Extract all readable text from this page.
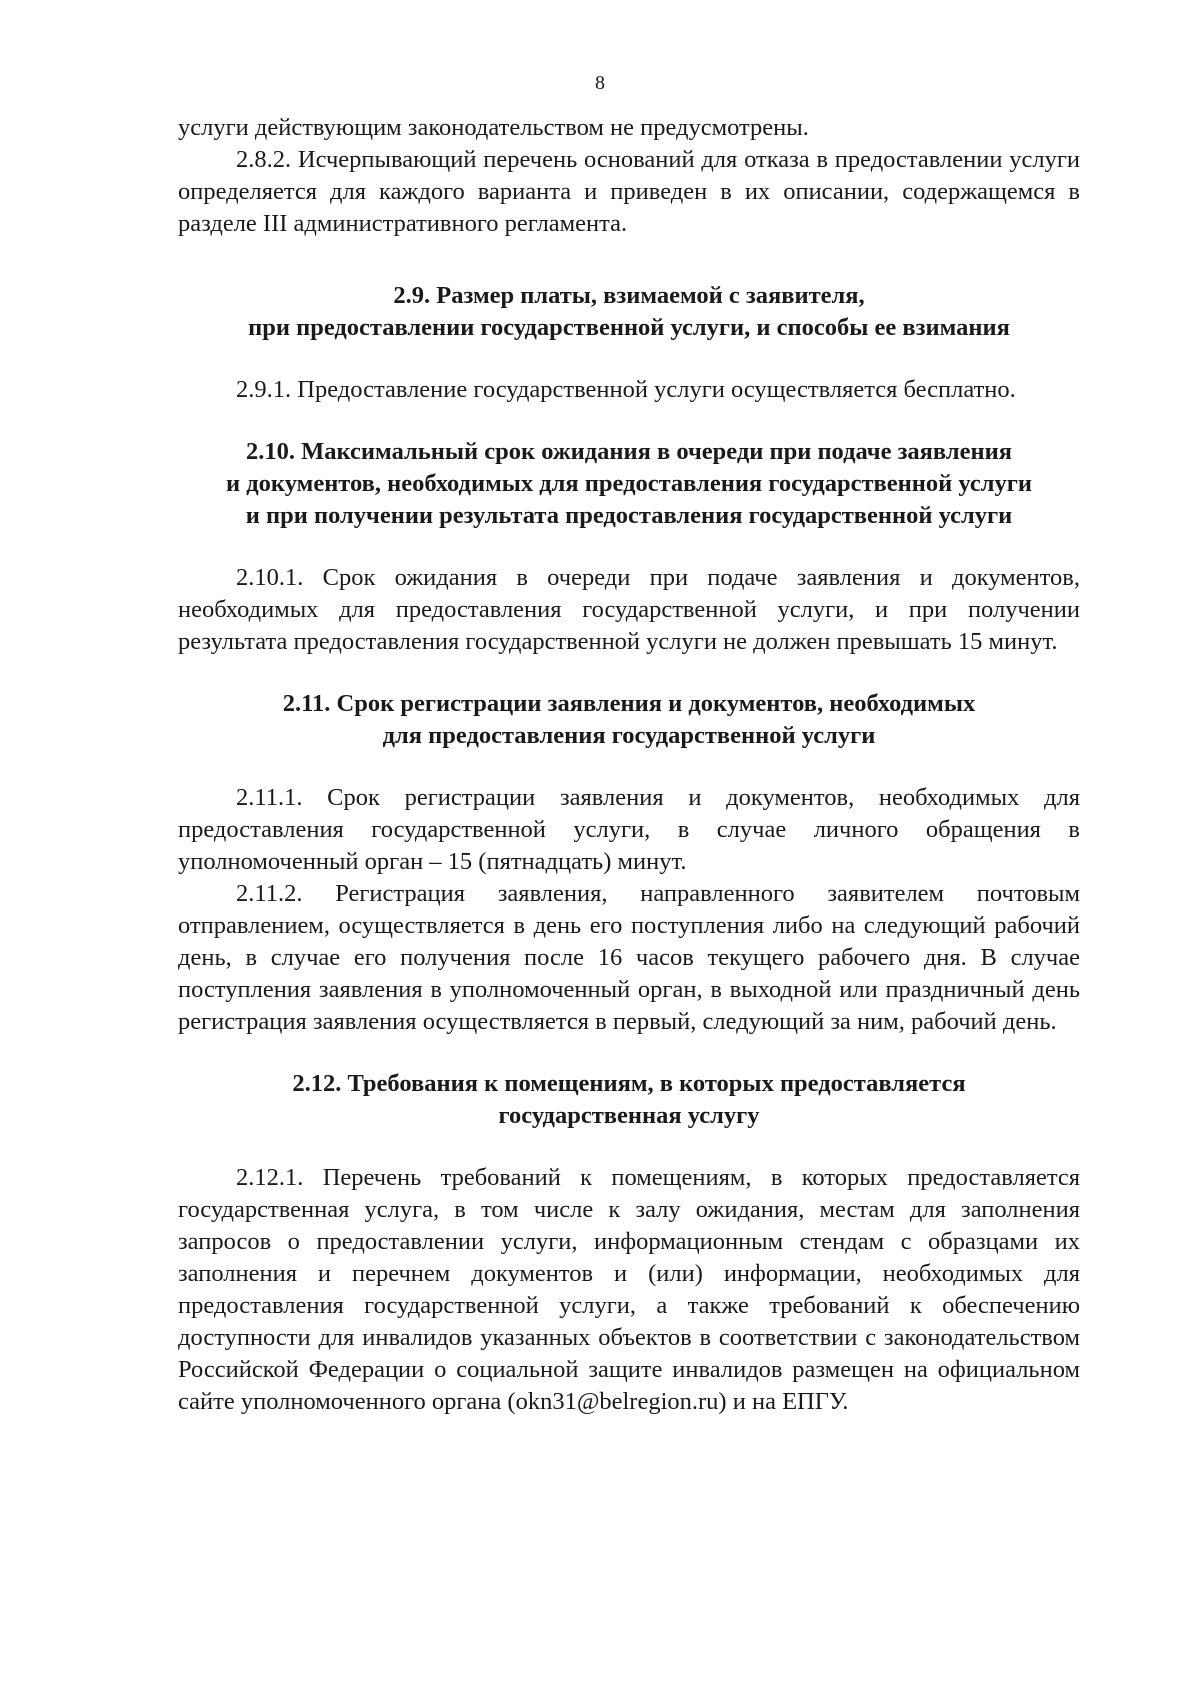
8

услуги действующим законодательством не предусмотрены.

2.8.2. Исчерпывающий перечень оснований для отказа в предоставлении услуги определяется для каждого варианта и приведен в их описании, содержащемся в разделе III административного регламента.

2.9. Размер платы, взимаемой с заявителя,
при предоставлении государственной услуги, и способы ее взимания

2.9.1. Предоставление государственной услуги осуществляется бесплатно.

2.10. Максимальный срок ожидания в очереди при подаче заявления
и документов, необходимых для предоставления государственной услуги
и при получении результата предоставления государственной услуги

2.10.1. Срок ожидания в очереди при подаче заявления и документов, необходимых для предоставления государственной услуги, и при получении результата предоставления государственной услуги не должен превышать 15 минут.

2.11. Срок регистрации заявления и документов, необходимых
для предоставления государственной услуги

2.11.1. Срок регистрации заявления и документов, необходимых для предоставления государственной услуги, в случае личного обращения в уполномоченный орган – 15 (пятнадцать) минут.

2.11.2. Регистрация заявления, направленного заявителем почтовым отправлением, осуществляется в день его поступления либо на следующий рабочий день, в случае его получения после 16 часов текущего рабочего дня. В случае поступления заявления в уполномоченный орган, в выходной или праздничный день регистрация заявления осуществляется в первый, следующий за ним, рабочий день.

2.12. Требования к помещениям, в которых предоставляется
государственная услугу

2.12.1. Перечень требований к помещениям, в которых предоставляется государственная услуга, в том числе к залу ожидания, местам для заполнения запросов о предоставлении услуги, информационным стендам с образцами их заполнения и перечнем документов и (или) информации, необходимых для предоставления государственной услуги, а также требований к обеспечению доступности для инвалидов указанных объектов в соответствии с законодательством Российской Федерации о социальной защите инвалидов размещен на официальном сайте уполномоченного органа (okn31@belregion.ru) и на ЕПГУ.
